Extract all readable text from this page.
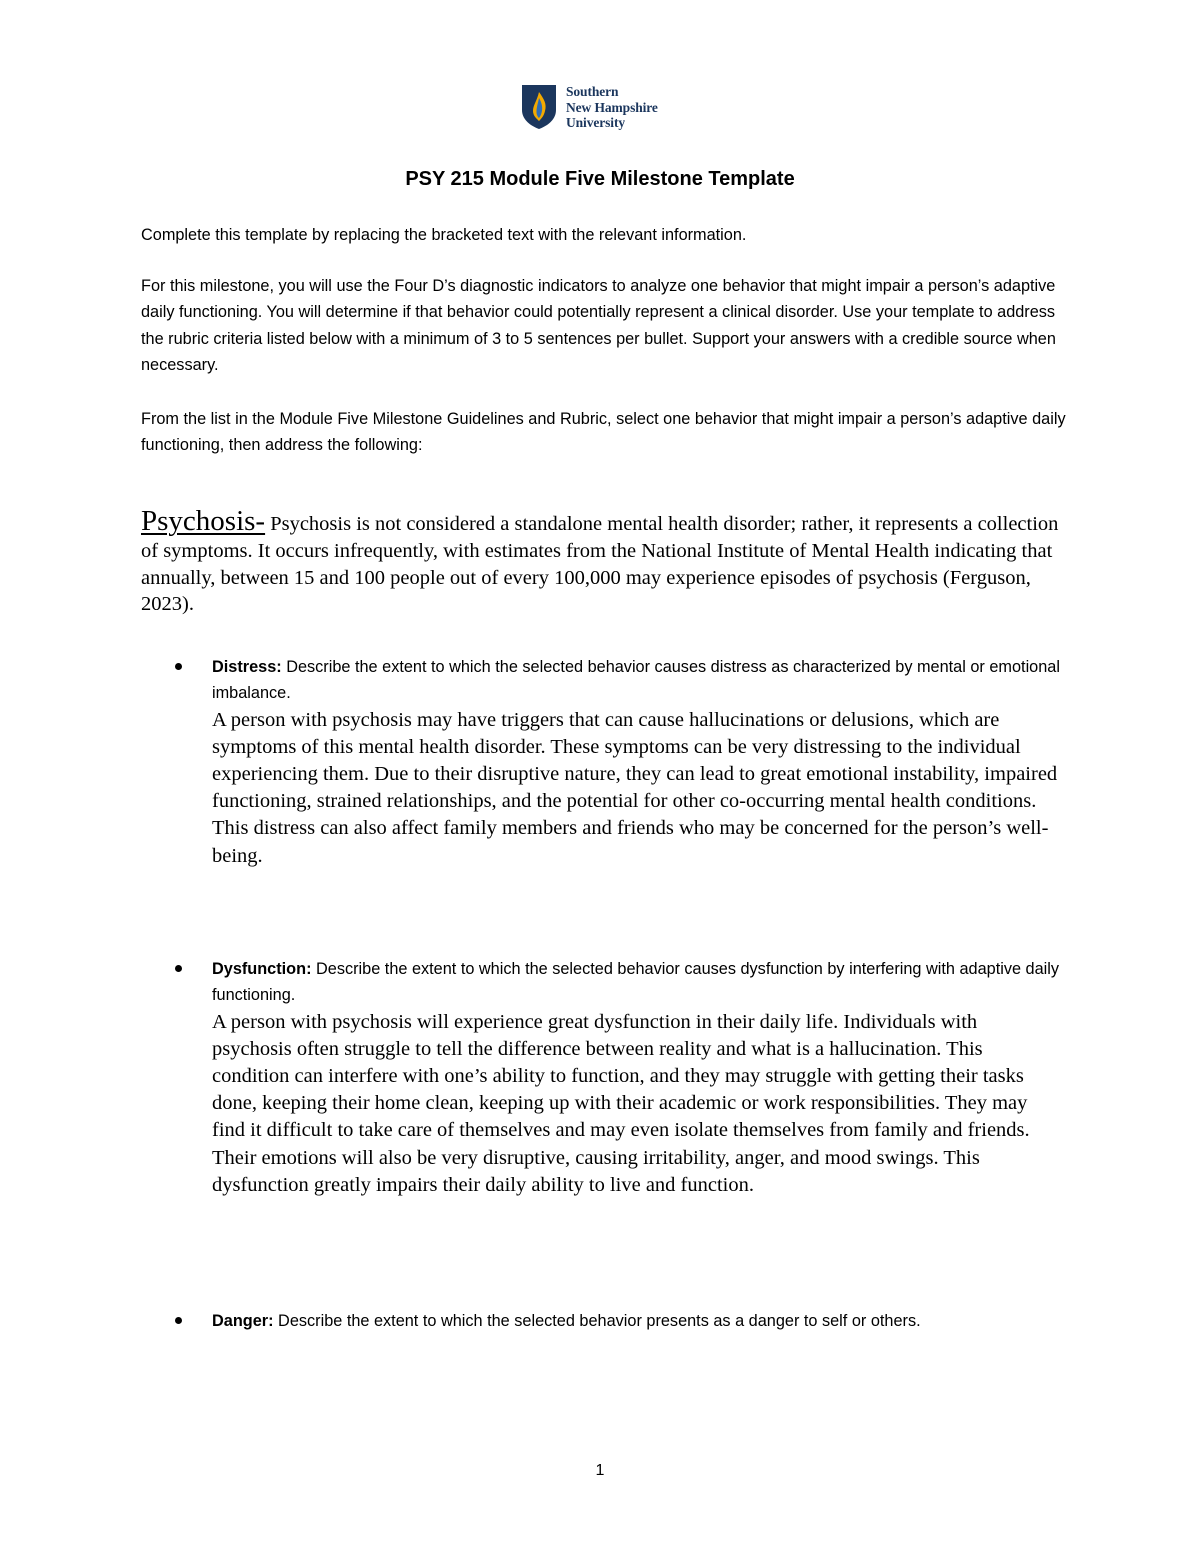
Southern
New Hampshire
University
PSY 215 Module Five Milestone Template
Complete this template by replacing the bracketed text with the relevant information.
For this milestone, you will use the Four D’s diagnostic indicators to analyze one behavior that might impair a person’s adaptive daily functioning. You will determine if that behavior could potentially represent a clinical disorder. Use your template to address the rubric criteria listed below with a minimum of 3 to 5 sentences per bullet. Support your answers with a credible source when necessary.
From the list in the Module Five Milestone Guidelines and Rubric, select one behavior that might impair a person’s adaptive daily functioning, then address the following:
Psychosis- Psychosis is not considered a standalone mental health disorder; rather, it represents a collection of symptoms. It occurs infrequently, with estimates from the National Institute of Mental Health indicating that annually, between 15 and 100 people out of every 100,000 may experience episodes of psychosis (Ferguson, 2023).
Distress: Describe the extent to which the selected behavior causes distress as characterized by mental or emotional imbalance.
A person with psychosis may have triggers that can cause hallucinations or delusions, which are symptoms of this mental health disorder. These symptoms can be very distressing to the individual experiencing them. Due to their disruptive nature, they can lead to great emotional instability, impaired functioning, strained relationships, and the potential for other co-occurring mental health conditions. This distress can also affect family members and friends who may be concerned for the person’s well-being.
Dysfunction: Describe the extent to which the selected behavior causes dysfunction by interfering with adaptive daily functioning.
A person with psychosis will experience great dysfunction in their daily life. Individuals with psychosis often struggle to tell the difference between reality and what is a hallucination. This condition can interfere with one’s ability to function, and they may struggle with getting their tasks done, keeping their home clean, keeping up with their academic or work responsibilities. They may find it difficult to take care of themselves and may even isolate themselves from family and friends. Their emotions will also be very disruptive, causing irritability, anger, and mood swings. This dysfunction greatly impairs their daily ability to live and function.
Danger: Describe the extent to which the selected behavior presents as a danger to self or others.
1
